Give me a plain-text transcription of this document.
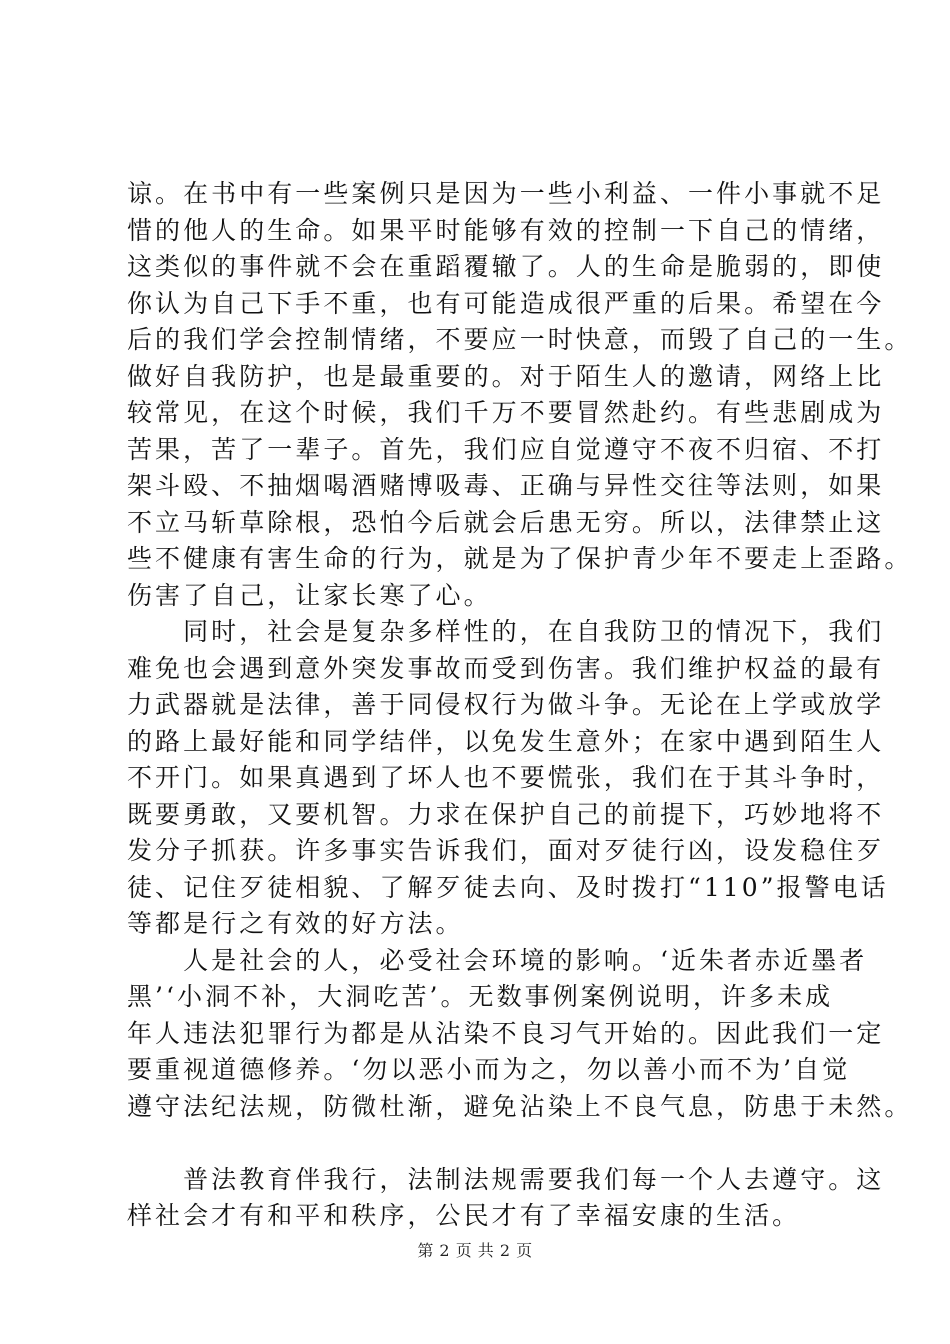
谅。在书中有一些案例只是因为一些小利益、一件小事就不足
惜的他人的生命。如果平时能够有效的控制一下自己的情绪，
这类似的事件就不会在重蹈覆辙了。人的生命是脆弱的，即使
你认为自己下手不重，也有可能造成很严重的后果。希望在今
后的我们学会控制情绪，不要应一时快意，而毁了自己的一生。
做好自我防护，也是最重要的。对于陌生人的邀请，网络上比
较常见，在这个时候，我们千万不要冒然赴约。有些悲剧成为
苦果，苦了一辈子。首先，我们应自觉遵守不夜不归宿、不打
架斗殴、不抽烟喝酒赌博吸毒、正确与异性交往等法则，如果
不立马斩草除根，恐怕今后就会后患无穷。所以，法律禁止这
些不健康有害生命的行为，就是为了保护青少年不要走上歪路。
伤害了自己，让家长寒了心。
　　同时，社会是复杂多样性的，在自我防卫的情况下，我们
难免也会遇到意外突发事故而受到伤害。我们维护权益的最有
力武器就是法律，善于同侵权行为做斗争。无论在上学或放学
的路上最好能和同学结伴，以免发生意外；在家中遇到陌生人
不开门。如果真遇到了坏人也不要慌张，我们在于其斗争时，
既要勇敢，又要机智。力求在保护自己的前提下，巧妙地将不
发分子抓获。许多事实告诉我们，面对歹徒行凶，设发稳住歹
徒、记住歹徒相貌、了解歹徒去向、及时拨打“110”报警电话
等都是行之有效的好方法。
　　人是社会的人，必受社会环境的影响。‘近朱者赤近墨者
黑’‘小洞不补，大洞吃苦’。无数事例案例说明，许多未成
年人违法犯罪行为都是从沾染不良习气开始的。因此我们一定
要重视道德修养。‘勿以恶小而为之，勿以善小而不为’自觉
遵守法纪法规，防微杜渐，避免沾染上不良气息，防患于未然。
　　普法教育伴我行，法制法规需要我们每一个人去遵守。这
样社会才有和平和秩序，公民才有了幸福安康的生活。
第 2 页 共 2 页
